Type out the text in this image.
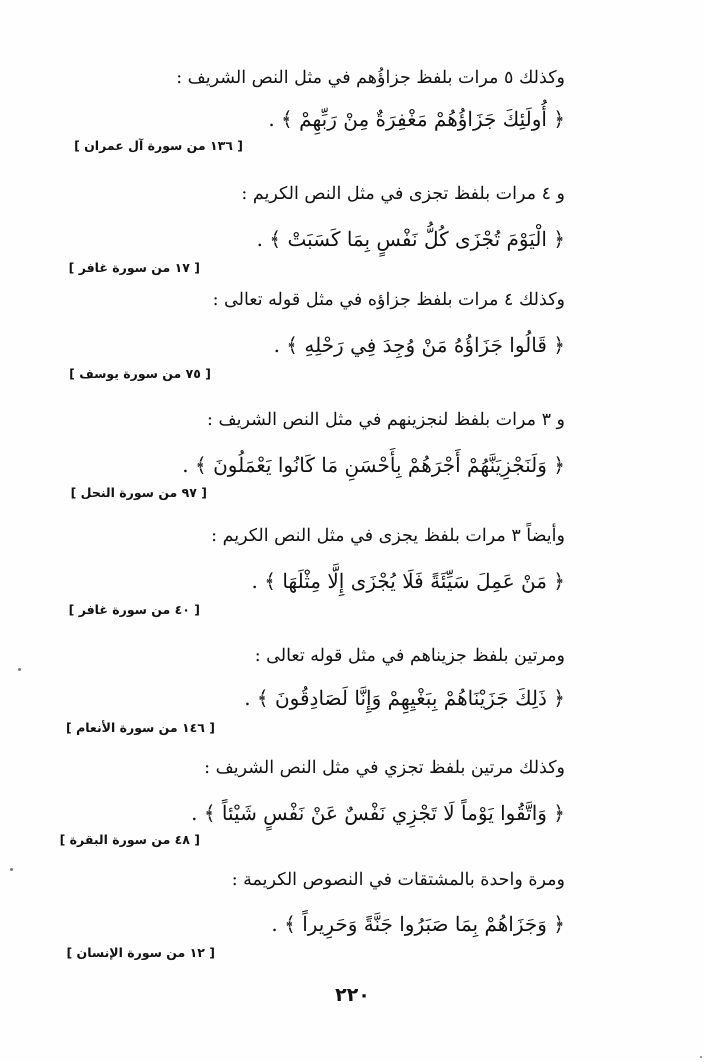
وكذلك ٥ مرات بلفظ جزاؤُهم في مثل النص الشريف :
﴿ أُولَئِكَ جَزَاؤُهُمْ مَغْفِرَةٌ مِنْ رَبِّهِمْ ﴾ .
[ ١٣٦ من سورة آل عمران ]
و ٤ مرات بلفظ تجزى في مثل النص الكريم :
﴿ الْيَوْمَ تُجْزَى كُلُّ نَفْسٍ بِمَا كَسَبَتْ ﴾ .
[ ١٧ من سورة غافر ]
وكذلك ٤ مرات بلفظ جزاؤه في مثل قوله تعالى :
﴿ قَالُوا جَزَاؤُهُ مَنْ وُجِدَ فِي رَحْلِهِ ﴾ .
[ ٧٥ من سورة يوسف ]
و ٣ مرات بلفظ لنجزينهم في مثل النص الشريف :
﴿ وَلَنَجْزِيَنَّهُمْ أَجْرَهُمْ بِأَحْسَنِ مَا كَانُوا يَعْمَلُونَ ﴾ .
[ ٩٧ من سورة النحل ]
وأيضاً ٣ مرات بلفظ يجزى في مثل النص الكريم :
﴿ مَنْ عَمِلَ سَيِّئَةً فَلَا يُجْزَى إِلَّا مِثْلَهَا ﴾ .
[ ٤٠ من سورة غافر ]
ومرتين بلفظ جزيناهم في مثل قوله تعالى :
﴿ ذَلِكَ جَزَيْنَاهُمْ بِبَغْيِهِمْ وَإِنَّا لَصَادِقُونَ ﴾ .
[ ١٤٦ من سورة الأنعام ]
وكذلك مرتين بلفظ تجزي في مثل النص الشريف :
﴿ وَاتَّقُوا يَوْماً لَا تَجْزِي نَفْسٌ عَنْ نَفْسٍ شَيْئاً ﴾ .
[ ٤٨ من سورة البقرة ]
ومرة واحدة بالمشتقات في النصوص الكريمة :
﴿ وَجَزَاهُمْ بِمَا صَبَرُوا جَنَّةً وَحَرِيراً ﴾ .
[ ١٢ من سورة الإنسان ]
٢٢٠
